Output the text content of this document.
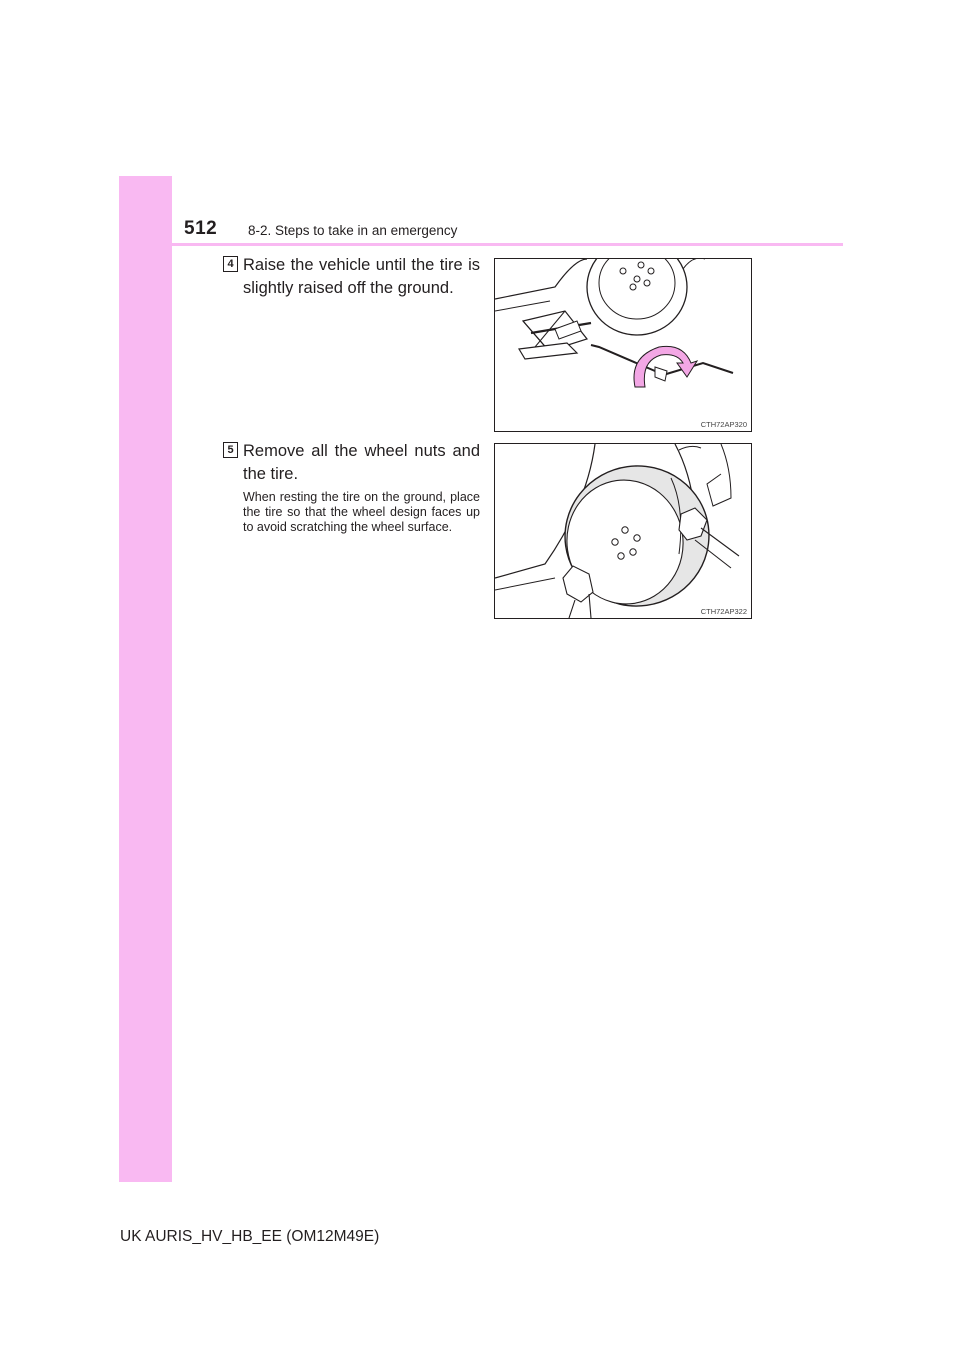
512 8-2. Steps to take in an emergency
4 Raise the vehicle until the tire is slightly raised off the ground.
CTH72AP320
5 Remove all the wheel nuts and the tire.
When resting the tire on the ground, place the tire so that the wheel design faces up to avoid scratching the wheel surface.
CTH72AP322
UK AURIS_HV_HB_EE (OM12M49E)
